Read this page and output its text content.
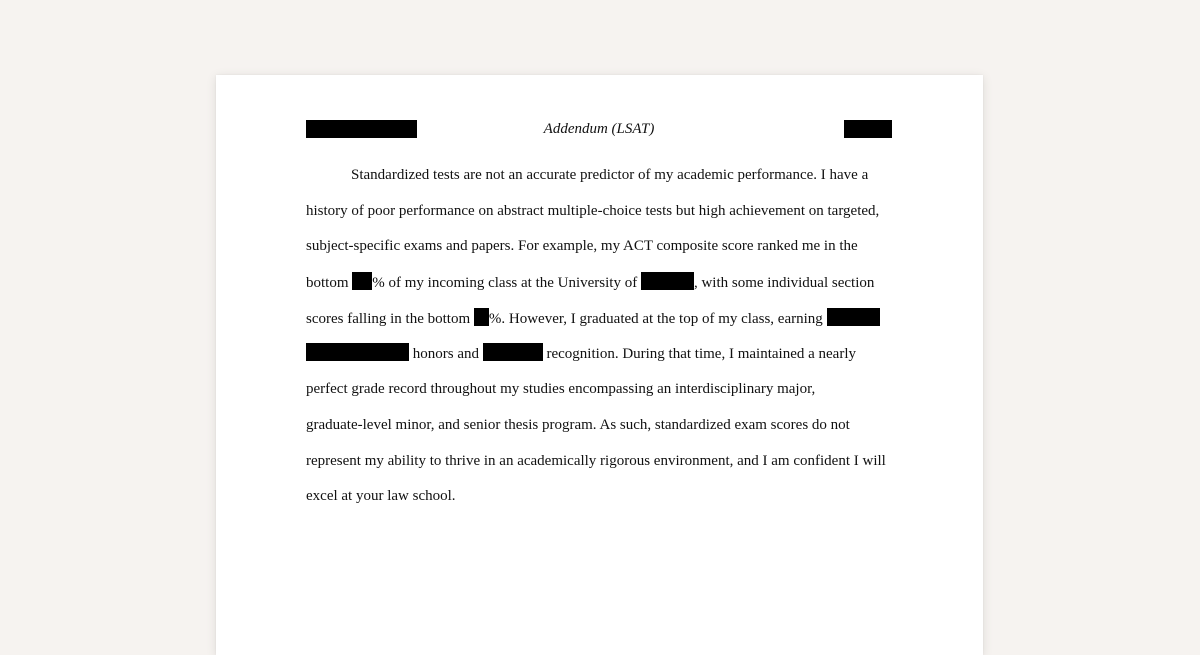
Addendum (LSAT)
Standardized tests are not an accurate predictor of my academic performance. I have a
history of poor performance on abstract multiple-choice tests but high achievement on targeted,
subject-specific exams and papers. For example, my ACT composite score ranked me in the
bottom % of my incoming class at the University of	, with some individual section
scores falling in the bottom %. However, I graduated at the top of my class, earning
honors and	recognition. During that time, I maintained a nearly
perfect grade record throughout my studies encompassing an interdisciplinary major,
graduate-level minor, and senior thesis program. As such, standardized exam scores do not
represent my ability to thrive in an academically rigorous environment, and I am confident I will
excel at your law school.
